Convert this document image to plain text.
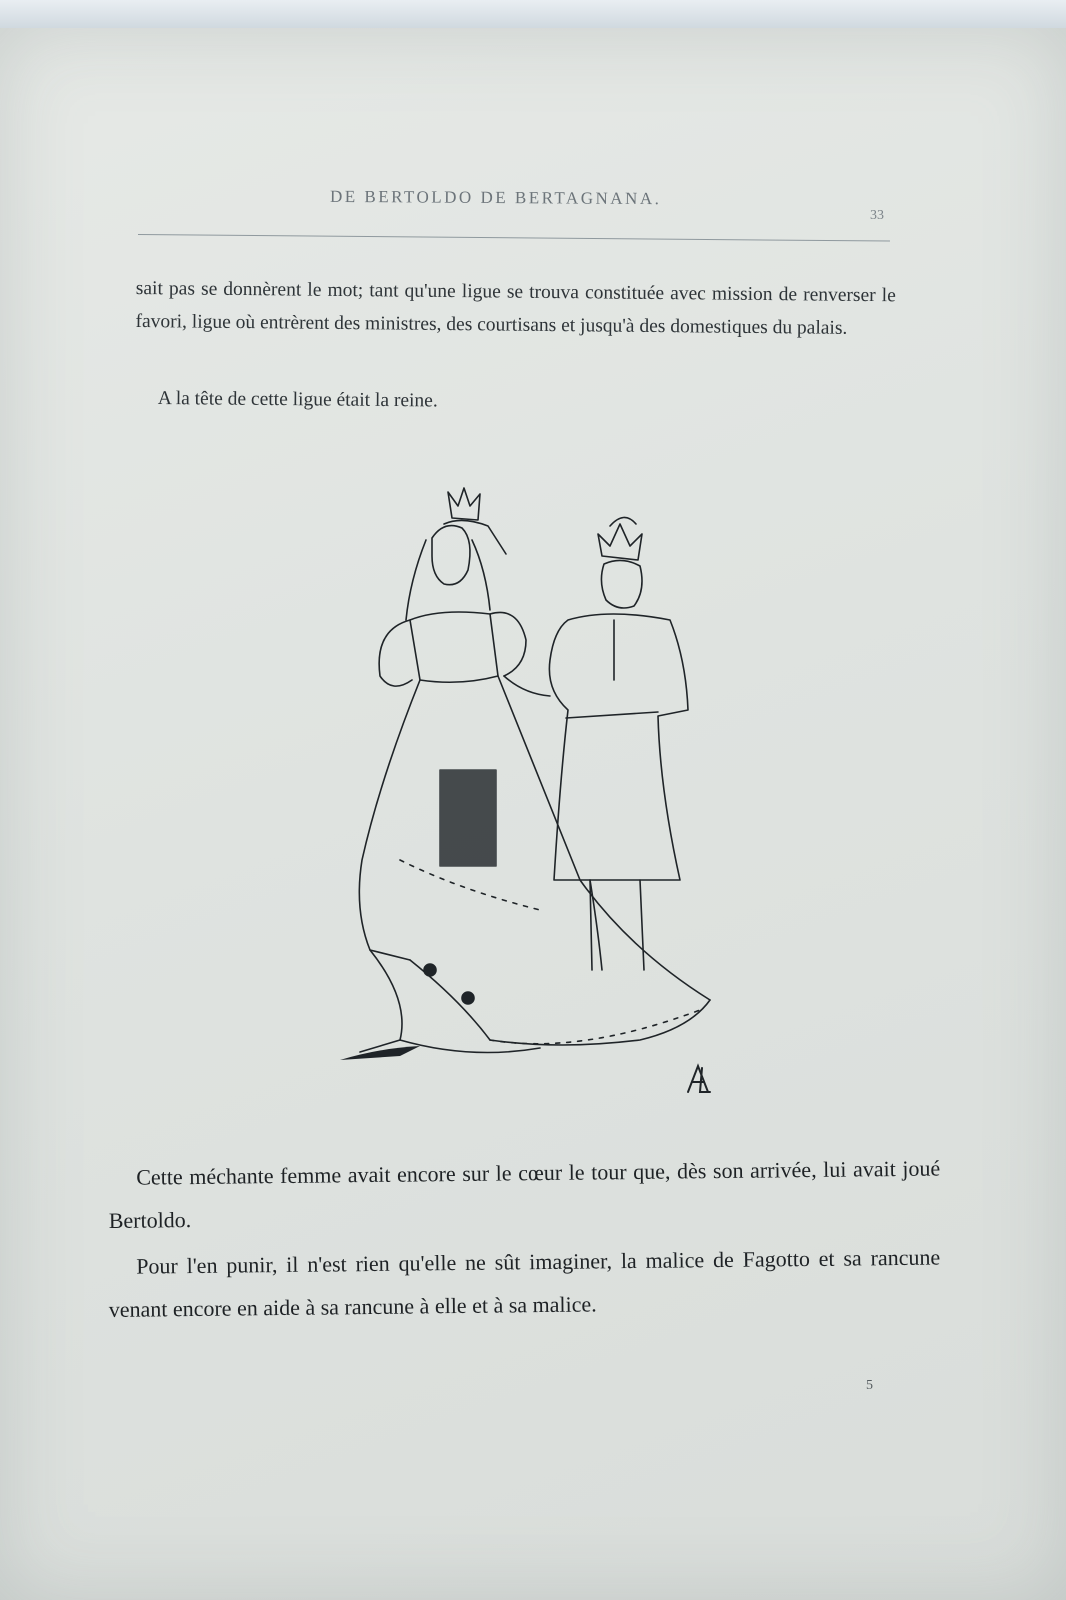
DE BERTOLDO DE BERTAGNANA.
33

sait pas se donnèrent le mot; tant qu'une ligue se trouva constituée avec mission de renverser le favori, ligue où entrèrent des ministres, des courtisans et jusqu'à des domestiques du palais.

A la tête de cette ligue était la reine.

Cette méchante femme avait encore sur le cœur le tour que, dès son arrivée, lui avait joué Bertoldo.

Pour l'en punir, il n'est rien qu'elle ne sût imaginer, la malice de Fagotto et sa rancune venant encore en aide à sa rancune à elle et à sa malice.

5
